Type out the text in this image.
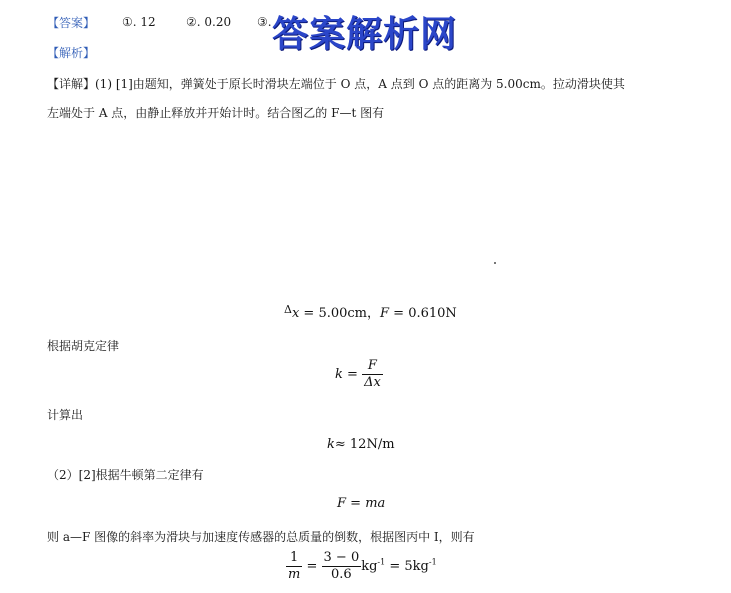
【答案】 ①. 12	②. 0.20 ③. 答案解析网
【解析】
【详解】(1) [1]由题知，弹簧处于原长时滑块左端位于 O 点，A 点到 O 点的距离为 5.00cm。拉动滑块使其
左端处于 A 点，由静止释放并开始计时。结合图乙的 F—t 图有
$^\Delta$x = 5.00cm，F = 0.610N
根据胡克定律
$k = \frac{F}{\Delta x}$
计算出
k≈ 12N/m
（2）[2]根据牛顿第二定律有
F = ma
则 a—F 图像的斜率为滑块与加速度传感器的总质量的倒数，根据图丙中 I，则有
$\frac{1}{m} = \frac{3 - 0}{0.6} kg^{-1} = 5kg^{-1}$
